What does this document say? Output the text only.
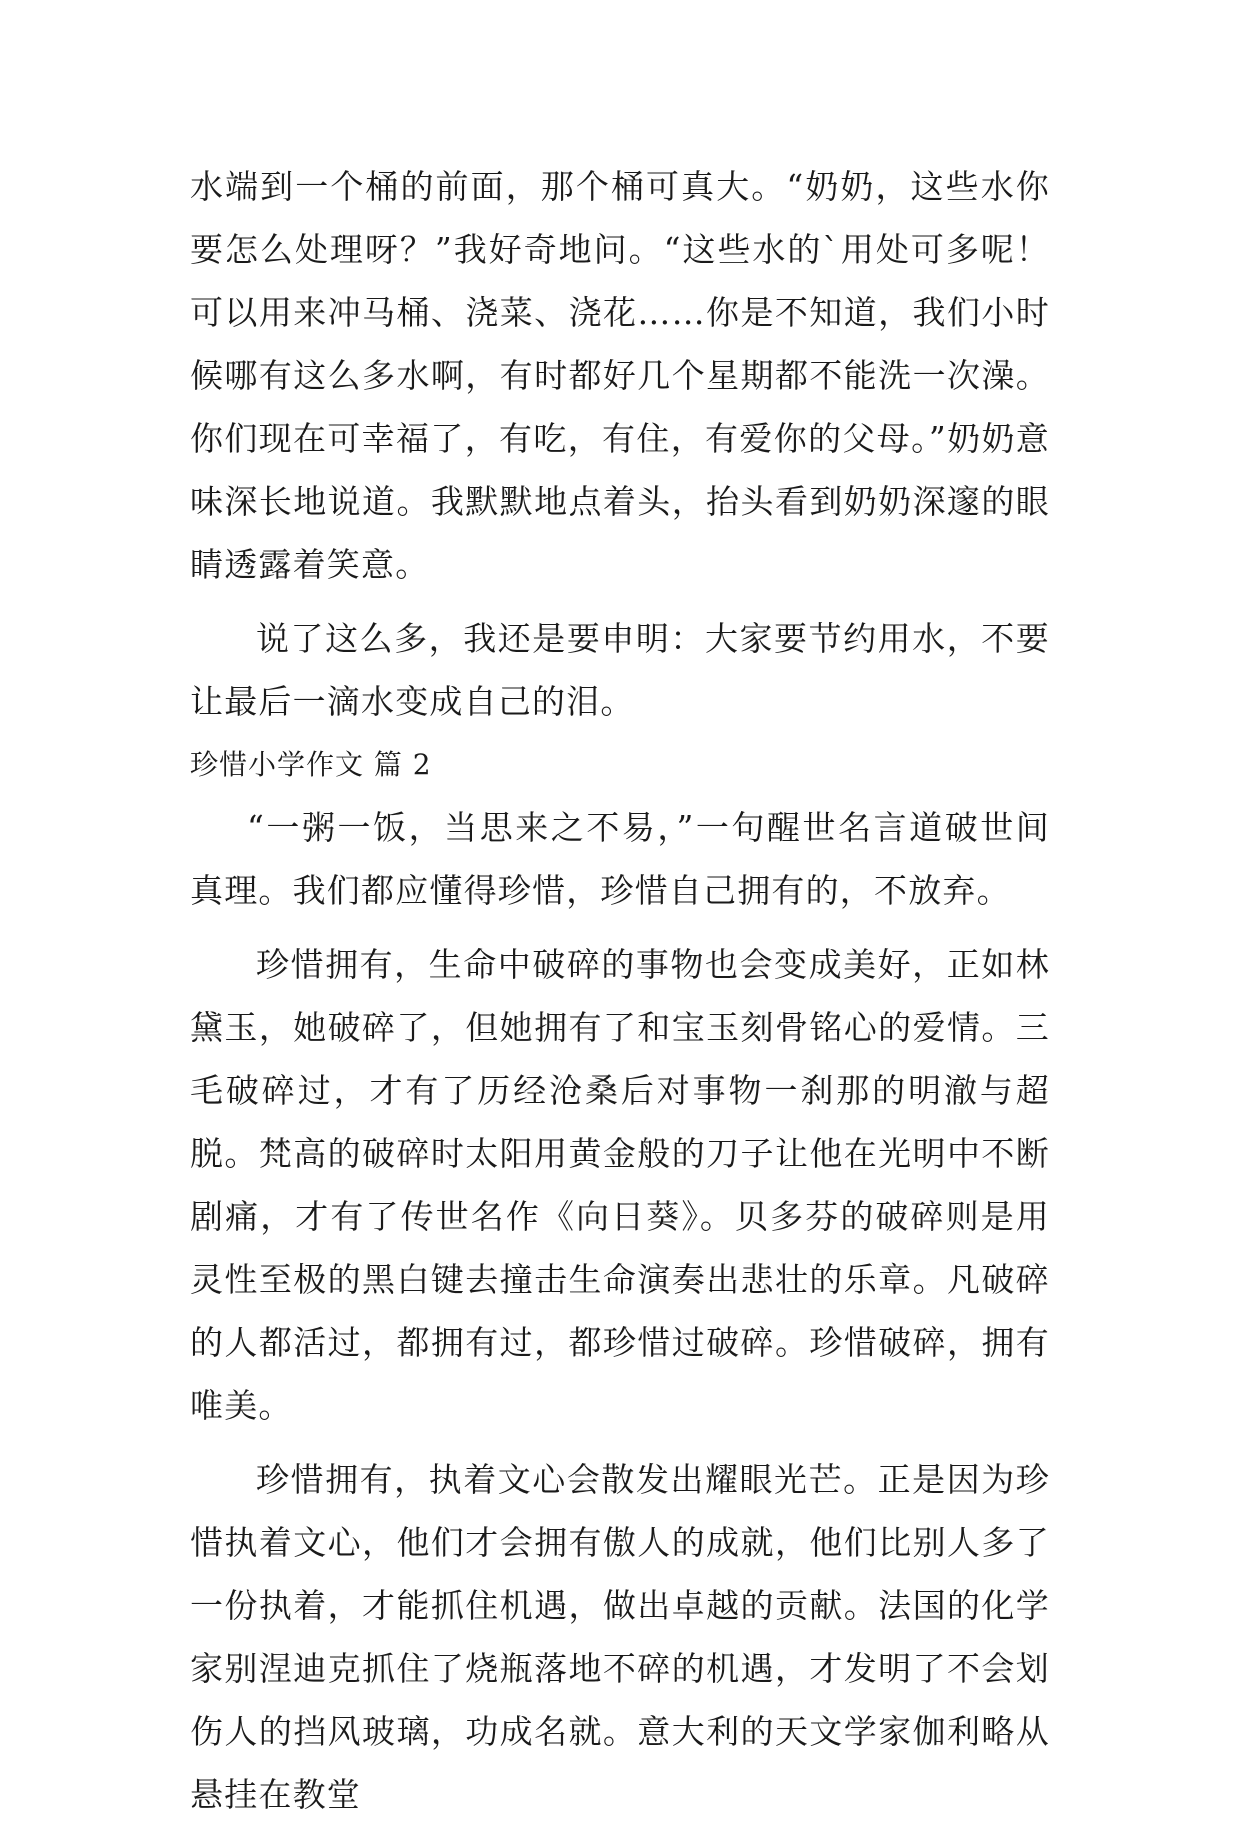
水端到一个桶的前面，那个桶可真大。“奶奶，这些水你要怎么处理呀？”我好奇地问。“这些水的`用处可多呢！可以用来冲马桶、浇菜、浇花……你是不知道，我们小时候哪有这么多水啊，有时都好几个星期都不能洗一次澡。你们现在可幸福了，有吃，有住，有爱你的父母。”奶奶意味深长地说道。我默默地点着头，抬头看到奶奶深邃的眼睛透露着笑意。

说了这么多，我还是要申明：大家要节约用水，不要让最后一滴水变成自己的泪。

珍惜小学作文 篇 2

“一粥一饭，当思来之不易，”一句醒世名言道破世间真理。我们都应懂得珍惜，珍惜自己拥有的，不放弃。

珍惜拥有，生命中破碎的事物也会变成美好，正如林黛玉，她破碎了，但她拥有了和宝玉刻骨铭心的爱情。三毛破碎过，才有了历经沧桑后对事物一刹那的明澈与超脱。梵高的破碎时太阳用黄金般的刀子让他在光明中不断剧痛，才有了传世名作《向日葵》。贝多芬的破碎则是用灵性至极的黑白键去撞击生命演奏出悲壮的乐章。凡破碎的人都活过，都拥有过，都珍惜过破碎。珍惜破碎，拥有唯美。

珍惜拥有，执着文心会散发出耀眼光芒。正是因为珍惜执着文心，他们才会拥有傲人的成就，他们比别人多了一份执着，才能抓住机遇，做出卓越的贡献。法国的化学家别涅迪克抓住了烧瓶落地不碎的机遇，才发明了不会划伤人的挡风玻璃，功成名就。意大利的天文学家伽利略从悬挂在教堂
